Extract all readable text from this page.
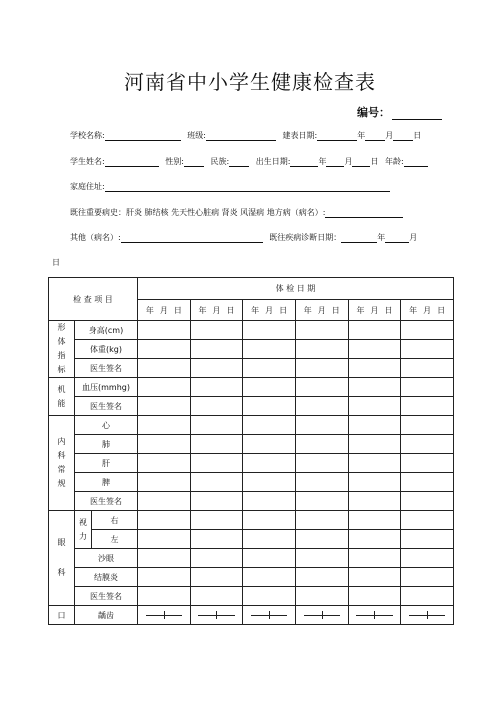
河南省中小学生健康检查表
编号：
学校名称:	班级:	建表日期:	年	月	日
学生姓名:	性别:	民族:	出生日期:	年 月 日 年龄:
家庭住址:
既往重要病史：肝炎 肺结核 先天性心脏病 肾炎 风湿病 地方病（病名）:
其他（病名）:	既往疾病诊断日期：	年	月
日
检 查 项 目			体 检 日 期					
			年 月 日	年 月 日	年 月 日	年 月 日	年 月 日	年 月 日
形体指标	身高(cm)							
	体重(kg)							
	医生签名							
机能	血压(mmhg)							
	医生签名							
内科常规	心							
	肺							
	肝							
	脾							
	医生签名							
眼科	视力	右						
		左						
	沙眼							
	结膜炎							
	医生签名							
口	龋齿		
